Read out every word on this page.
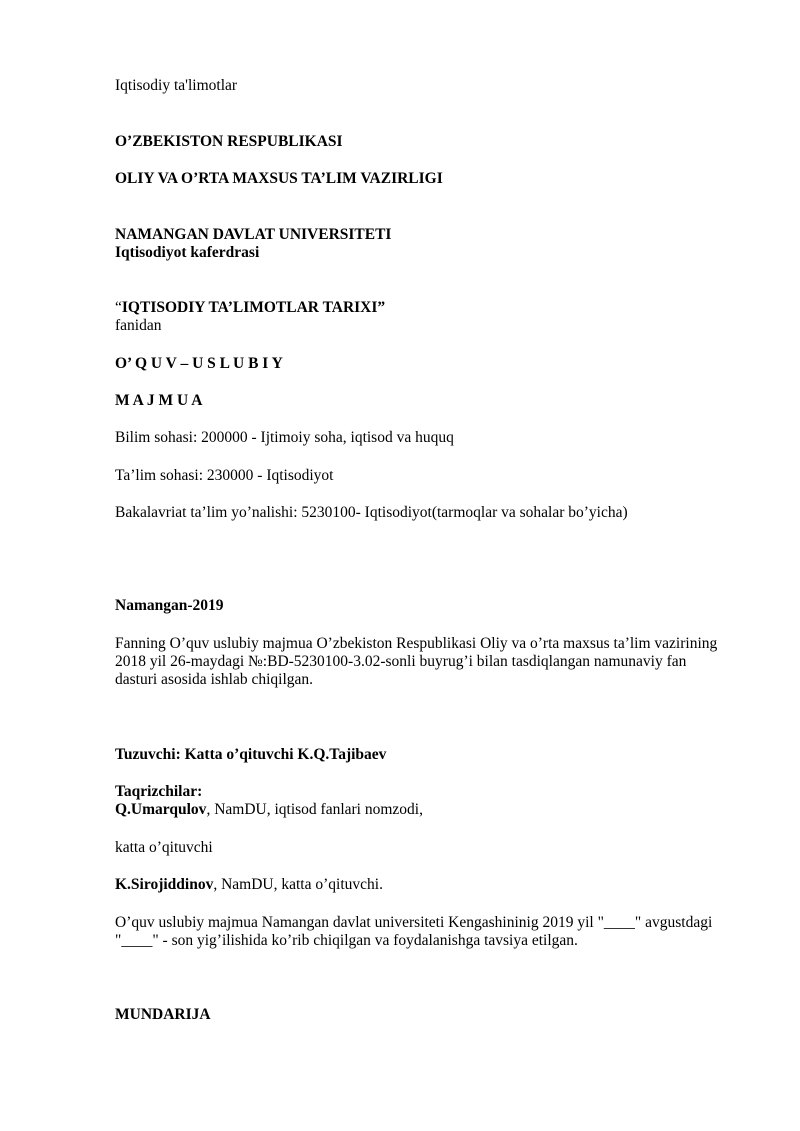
Iqtisodiy ta'limotlar
O’ZBEKISTON RESPUBLIKASI
OLIY VA O’RTA MAXSUS TA’LIM VAZIRLIGI
NAMANGAN DAVLAT UNIVERSITETI
Iqtisodiyot kaferdrasi
“IQTISODIY TA’LIMOTLAR TARIXI”
fanidan
O’ Q U V – U S L U B I Y
M A J M U A
Bilim sohasi: 200000 - Ijtimoiy soha, iqtisod va huquq
Ta’lim sohasi: 230000 - Iqtisodiyot
Bakalavriat ta’lim yo’nalishi: 5230100- Iqtisodiyot(tarmoqlar va sohalar bo’yicha)
Namangan-2019
Fanning O’quv uslubiy majmua O’zbekiston Respublikasi Oliy va o’rta maxsus ta’lim vazirining
2018 yil 26-maydagi №:BD-5230100-3.02-sonli buyrug’i bilan tasdiqlangan namunaviy fan
dasturi asosida ishlab chiqilgan.
Tuzuvchi: Katta o’qituvchi K.Q.Tajibaev
Taqrizchilar:
Q.Umarqulov, NamDU, iqtisod fanlari nomzodi,
katta o’qituvchi
K.Sirojiddinov, NamDU, katta o’qituvchi.
O’quv uslubiy majmua Namangan davlat universiteti Kengashininig 2019 yil "____" avgustdagi
"____" - son yig’ilishida ko’rib chiqilgan va foydalanishga tavsiya etilgan.
MUNDARIJA
